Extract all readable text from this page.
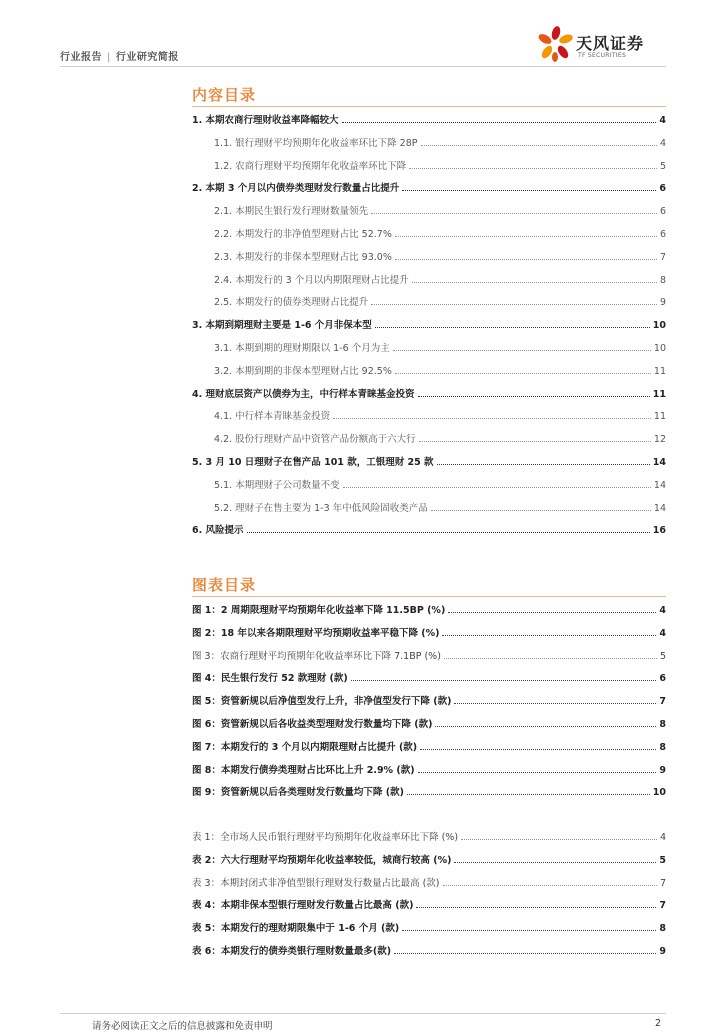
行业报告 | 行业研究简报
天风证券
TF SECURITIES
内容目录
1. 本期农商行理财收益率降幅较大	4
1.1. 银行理财平均预期年化收益率环比下降 28P	4
1.2. 农商行理财平均预期年化收益率环比下降	5
2. 本期 3 个月以内债券类理财发行数量占比提升	6
2.1. 本期民生银行发行理财数量领先	6
2.2. 本期发行的非净值型理财占比 52.7%	6
2.3. 本期发行的非保本型理财占比 93.0%	7
2.4. 本期发行的 3 个月以内期限理财占比提升	8
2.5. 本期发行的债券类理财占比提升	9
3. 本期到期理财主要是 1-6 个月非保本型	10
3.1. 本期到期的理财期限以 1-6 个月为主	10
3.2. 本期到期的非保本型理财占比 92.5%	11
4. 理财底层资产以债券为主，中行样本青睐基金投资	11
4.1. 中行样本青睐基金投资	11
4.2. 股份行理财产品中资管产品份额高于六大行	12
5. 3 月 10 日理财子在售产品 101 款，工银理财 25 款	14
5.1. 本期理财子公司数量不变	14
5.2. 理财子在售主要为 1-3 年中低风险固收类产品	14
6. 风险提示	16
图表目录
图 1：2 周期限理财平均预期年化收益率下降 11.5BP (%)	4
图 2：18 年以来各期限理财平均预期收益率平稳下降 (%)	4
图 3：农商行理财平均预期年化收益率环比下降 7.1BP (%)	5
图 4：民生银行发行 52 款理财 (款)	6
图 5：资管新规以后净值型发行上升，非净值型发行下降 (款)	7
图 6：资管新规以后各收益类型理财发行数量均下降 (款)	8
图 7：本期发行的 3 个月以内期限理财占比提升 (款)	8
图 8：本期发行债券类理财占比环比上升 2.9% (款)	9
图 9：资管新规以后各类理财发行数量均下降 (款)	10
表 1：全市场人民币银行理财平均预期年化收益率环比下降 (%)	4
表 2：六大行理财平均预期年化收益率较低，城商行较高 (%)	5
表 3：本期封闭式非净值型银行理财发行数量占比最高 (款)	7
表 4：本期非保本型银行理财发行数量占比最高 (款)	7
表 5：本期发行的理财期限集中于 1-6 个月 (款)	8
表 6：本期发行的债券类银行理财数量最多(款)	9
请务必阅读正文之后的信息披露和免责申明	2
